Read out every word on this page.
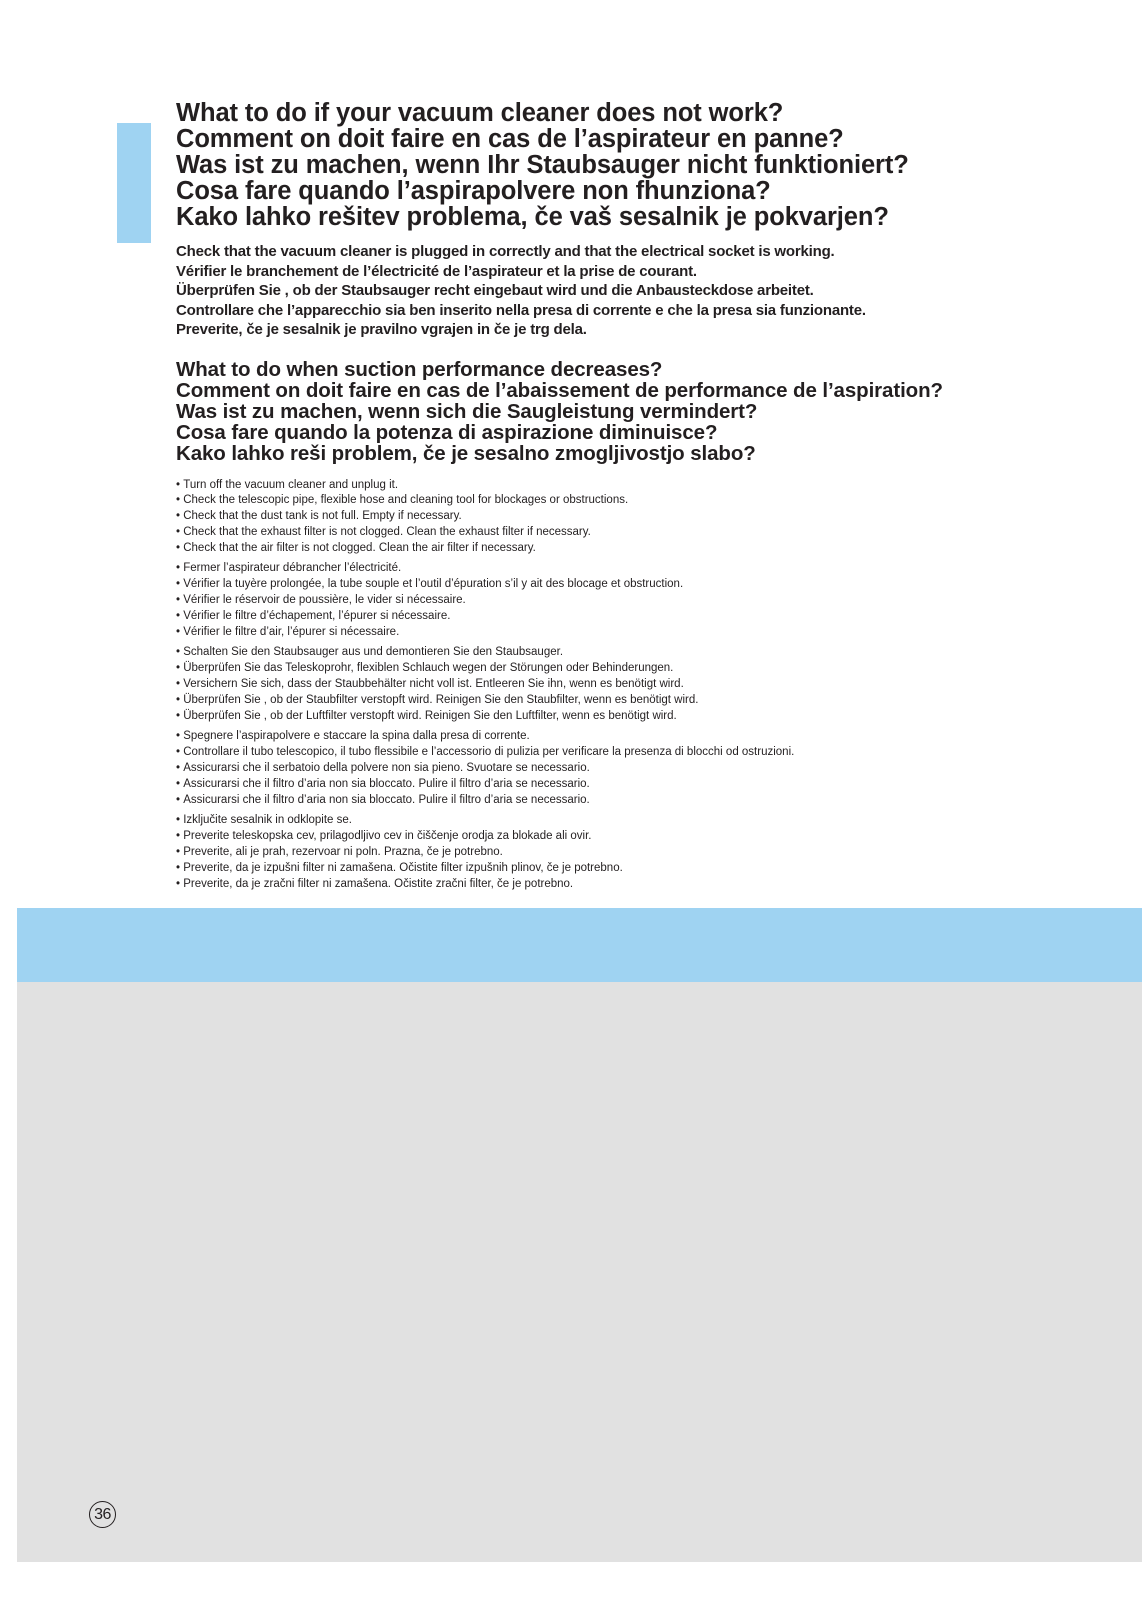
What to do if your vacuum cleaner does not work?
Comment on doit faire en cas de l’aspirateur en panne?
Was ist zu machen, wenn Ihr Staubsauger nicht funktioniert?
Cosa fare quando l’aspirapolvere non fhunziona?
Kako lahko rešitev problema, če vaš sesalnik je pokvarjen?
Check that the vacuum cleaner is plugged in correctly and that the electrical socket is working.
Vérifier le branchement de l’électricité de l’aspirateur et la prise de courant.
Überprüfen Sie , ob der Staubsauger recht eingebaut wird und die Anbausteckdose arbeitet.
Controllare che l’apparecchio sia ben inserito nella presa di corrente e che la presa sia funzionante.
Preverite, če je sesalnik je pravilno vgrajen in če je trg dela.
What to do when suction performance decreases?
Comment on doit faire en cas de l’abaissement de performance de l’aspiration?
Was ist zu machen, wenn sich die Saugleistung vermindert?
Cosa fare quando la potenza di aspirazione diminuisce?
Kako lahko reši problem, če je sesalno zmogljivostjo slabo?
• Turn off the vacuum cleaner and unplug it.
• Check the telescopic pipe, flexible hose and cleaning tool for blockages or obstructions.
• Check that the dust tank is not full. Empty if necessary.
• Check that the exhaust filter is not clogged. Clean the exhaust filter if necessary.
• Check that the air filter is not clogged. Clean the air filter if necessary.
• Fermer l’aspirateur débrancher l’électricité.
• Vérifier la tuyère prolongée, la tube souple et l’outil d’épuration s’il y ait des blocage et obstruction.
• Vérifier le réservoir de poussière, le vider si nécessaire.
• Vérifier le filtre d’échapement, l’épurer si nécessaire.
• Vérifier le filtre d’air, l’épurer si nécessaire.
• Schalten Sie den Staubsauger aus und demontieren Sie den Staubsauger.
• Überprüfen Sie das Teleskoprohr, flexiblen Schlauch wegen der Störungen oder Behinderungen.
• Versichern Sie sich, dass der Staubbehälter nicht voll ist. Entleeren Sie ihn, wenn es benötigt wird.
• Überprüfen Sie , ob der Staubfilter verstopft wird. Reinigen Sie den Staubfilter, wenn es benötigt wird.
• Überprüfen Sie , ob der Luftfilter verstopft wird. Reinigen Sie den Luftfilter, wenn es benötigt wird.
• Spegnere l’aspirapolvere e staccare la spina dalla presa di corrente.
• Controllare il tubo telescopico, il tubo flessibile e l’accessorio di pulizia per verificare la presenza di blocchi od ostruzioni.
• Assicurarsi che il serbatoio della polvere non sia pieno. Svuotare se necessario.
• Assicurarsi che il filtro d’aria non sia bloccato. Pulire il filtro d’aria se necessario.
• Assicurarsi che il filtro d’aria non sia bloccato. Pulire il filtro d’aria se necessario.
• Izključite sesalnik in odklopite se.
• Preverite teleskopska cev, prilagodljivo cev in čiščenje orodja za blokade ali ovir.
• Preverite, ali je prah, rezervoar ni poln. Prazna, če je potrebno.
• Preverite, da je izpušni filter ni zamašena. Očistite filter izpušnih plinov, če je potrebno.
• Preverite, da je zračni filter ni zamašena. Očistite zračni filter, če je potrebno.
36
